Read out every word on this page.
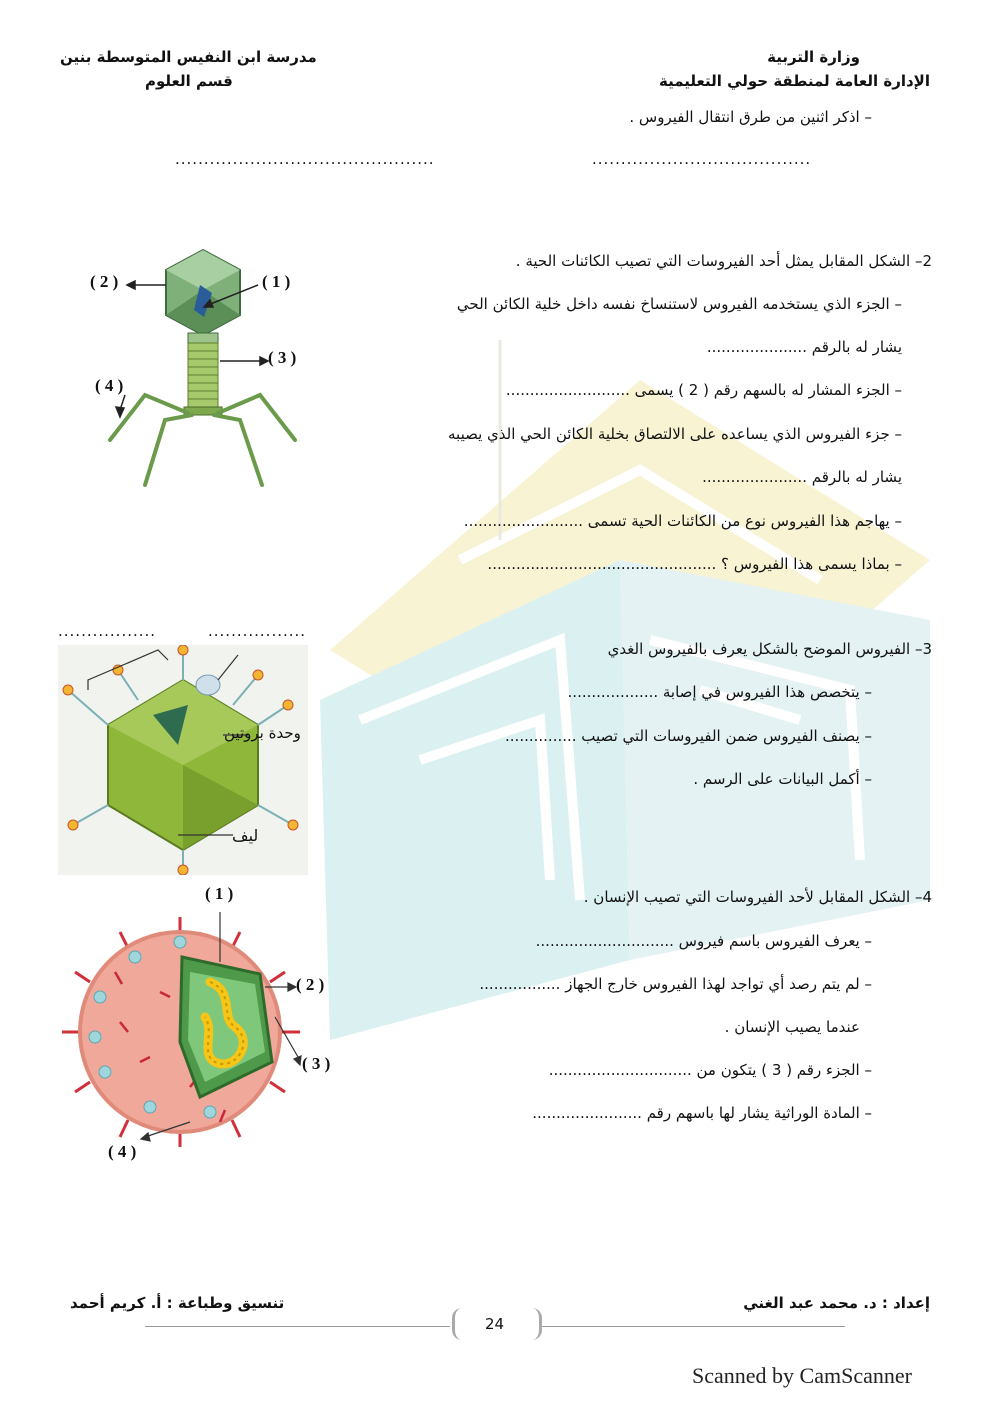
وزارة التربية
الإدارة العامة لمنطقة حولي التعليمية
مدرسة ابن النفيس المتوسطة بنين
قسم العلوم
– اذكر اثنين من طرق انتقال الفيروس .
......................................
.............................................
2– الشكل المقابل يمثل أحد الفيروسات التي تصيب الكائنات الحية .
– الجزء الذي يستخدمه الفيروس لاستنساخ نفسه داخل خلية الكائن الحي
يشار له بالرقم .....................
– الجزء المشار له بالسهم رقم ( 2 ) يسمى ..........................
– جزء الفيروس الذي يساعده على الالتصاق بخلية الكائن الحي الذي يصيبه
يشار له بالرقم ......................
– يهاجم هذا الفيروس نوع من الكائنات الحية تسمى .........................
– بماذا يسمى هذا الفيروس ؟ ................................................
( 2 )	( 1 )
( 3 )
( 4 )
3– الفيروس الموضح بالشكل يعرف بالفيروس الغدي
– يتخصص هذا الفيروس في إصابة ...................
– يصنف الفيروس ضمن الفيروسات التي تصيب ...............
– أكمل البيانات على الرسم .
.................	.................
وحدة بروتين
ليف
4– الشكل المقابل لأحد الفيروسات التي تصيب الإنسان .
– يعرف الفيروس باسم فيروس .............................
– لم يتم رصد أي تواجد لهذا الفيروس خارج الجهاز .................
عندما يصيب الإنسان .
– الجزء رقم ( 3 ) يتكون من ..............................
– المادة الوراثية يشار لها باسهم رقم .......................
( 1 )
( 2 )
( 3 )
( 4 )
إعداد : د. محمد عبد الغني
تنسيق وطباعة : أ. كريم أحمد
24
Scanned by CamScanner
